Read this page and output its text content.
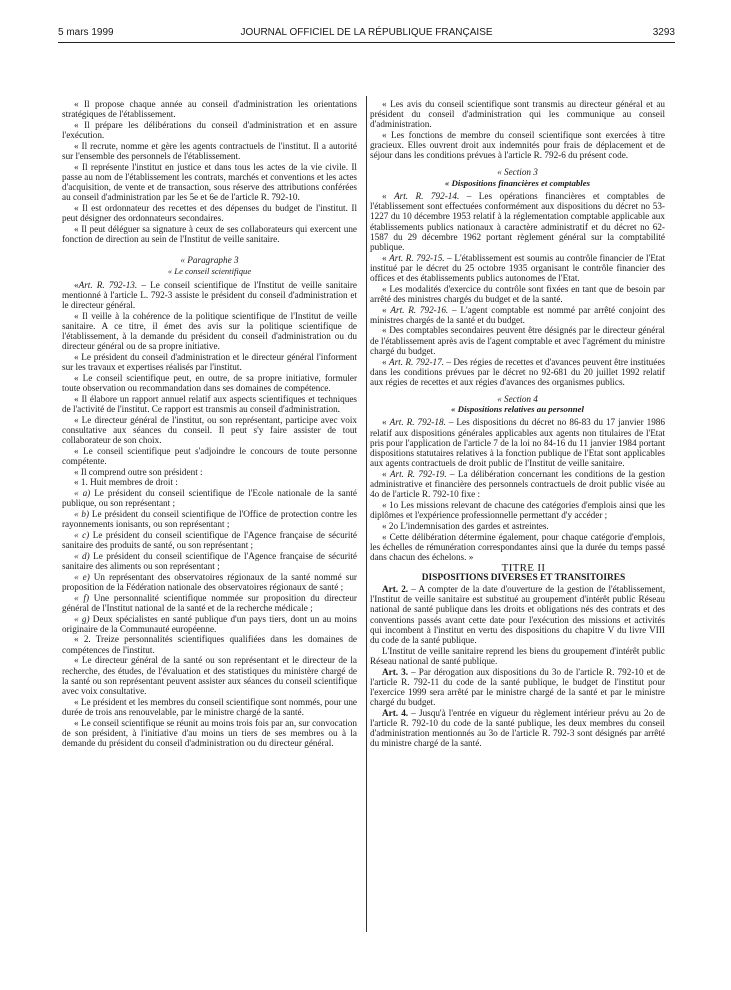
5 mars 1999	JOURNAL OFFICIEL DE LA RÉPUBLIQUE FRANÇAISE	3293

« Il propose chaque année au conseil d'administration les orientations stratégiques de l'établissement.

« Il prépare les délibérations du conseil d'administration et en assure l'exécution.

« Il recrute, nomme et gère les agents contractuels de l'institut. Il a autorité sur l'ensemble des personnels de l'établissement.

« Il représente l'institut en justice et dans tous les actes de la vie civile. Il passe au nom de l'établissement les contrats, marchés et conventions et les actes d'acquisition, de vente et de transaction, sous réserve des attributions conférées au conseil d'administration par les 5e et 6e de l'article R. 792-10.

« Il est ordonnateur des recettes et des dépenses du budget de l'institut. Il peut désigner des ordonnateurs secondaires.

« Il peut déléguer sa signature à ceux de ses collaborateurs qui exercent une fonction de direction au sein de l'Institut de veille sanitaire.

« Paragraphe 3

« Le conseil scientifique

«Art. R. 792-13. – Le conseil scientifique de l'Institut de veille sanitaire mentionné à l'article L. 792-3 assiste le président du conseil d'administration et le directeur général.

« Il veille à la cohérence de la politique scientifique de l'Institut de veille sanitaire. A ce titre, il émet des avis sur la politique scientifique de l'établissement, à la demande du président du conseil d'administration ou du directeur général ou de sa propre initiative.

« Le président du conseil d'administration et le directeur général l'informent sur les travaux et expertises réalisés par l'institut.

« Le conseil scientifique peut, en outre, de sa propre initiative, formuler toute observation ou recommandation dans ses domaines de compétence.

« Il élabore un rapport annuel relatif aux aspects scientifiques et techniques de l'activité de l'institut. Ce rapport est transmis au conseil d'administration.

« Le directeur général de l'institut, ou son représentant, participe avec voix consultative aux séances du conseil. Il peut s'y faire assister de tout collaborateur de son choix.

« Le conseil scientifique peut s'adjoindre le concours de toute personne compétente.

« Il comprend outre son président :

« 1. Huit membres de droit :

« a) Le président du conseil scientifique de l'Ecole nationale de la santé publique, ou son représentant ;

« b) Le président du conseil scientifique de l'Office de protection contre les rayonnements ionisants, ou son représentant ;

« c) Le président du conseil scientifique de l'Agence française de sécurité sanitaire des produits de santé, ou son représentant ;

« d) Le président du conseil scientifique de l'Agence française de sécurité sanitaire des aliments ou son représentant ;

« e) Un représentant des observatoires régionaux de la santé nommé sur proposition de la Fédération nationale des observatoires régionaux de santé ;

« f) Une personnalité scientifique nommée sur proposition du directeur général de l'Institut national de la santé et de la recherche médicale ;

« g) Deux spécialistes en santé publique d'un pays tiers, dont un au moins originaire de la Communauté européenne.

« 2. Treize personnalités scientifiques qualifiées dans les domaines de compétences de l'institut.

« Le directeur général de la santé ou son représentant et le directeur de la recherche, des études, de l'évaluation et des statistiques du ministère chargé de la santé ou son représentant peuvent assister aux séances du conseil scientifique avec voix consultative.

« Le président et les membres du conseil scientifique sont nommés, pour une durée de trois ans renouvelable, par le ministre chargé de la santé.

« Le conseil scientifique se réunit au moins trois fois par an, sur convocation de son président, à l'initiative d'au moins un tiers de ses membres ou à la demande du président du conseil d'administration ou du directeur général.

« Les avis du conseil scientifique sont transmis au directeur général et au président du conseil d'administration qui les communique au conseil d'administration.

« Les fonctions de membre du conseil scientifique sont exercées à titre gracieux. Elles ouvrent droit aux indemnités pour frais de déplacement et de séjour dans les conditions prévues à l'article R. 792-6 du présent code.

« Section 3

« Dispositions financières et comptables

« Art. R. 792-14. – Les opérations financières et comptables de l'établissement sont effectuées conformément aux dispositions du décret no 53-1227 du 10 décembre 1953 relatif à la réglementation comptable applicable aux établissements publics nationaux à caractère administratif et du décret no 62-1587 du 29 décembre 1962 portant règlement général sur la comptabilité publique.

« Art. R. 792-15. – L'établissement est soumis au contrôle financier de l'Etat institué par le décret du 25 octobre 1935 organisant le contrôle financier des offices et des établissements publics autonomes de l'Etat.

« Les modalités d'exercice du contrôle sont fixées en tant que de besoin par arrêté des ministres chargés du budget et de la santé.

« Art. R. 792-16. – L'agent comptable est nommé par arrêté conjoint des ministres chargés de la santé et du budget.

« Des comptables secondaires peuvent être désignés par le directeur général de l'établissement après avis de l'agent comptable et avec l'agrément du ministre chargé du budget.

« Art. R. 792-17. – Des régies de recettes et d'avances peuvent être instituées dans les conditions prévues par le décret no 92-681 du 20 juillet 1992 relatif aux régies de recettes et aux régies d'avances des organismes publics.

« Section 4

« Dispositions relatives au personnel

« Art. R. 792-18. – Les dispositions du décret no 86-83 du 17 janvier 1986 relatif aux dispositions générales applicables aux agents non titulaires de l'Etat pris pour l'application de l'article 7 de la loi no 84-16 du 11 janvier 1984 portant dispositions statutaires relatives à la fonction publique de l'Etat sont applicables aux agents contractuels de droit public de l'Institut de veille sanitaire.

« Art. R. 792-19. – La délibération concernant les conditions de la gestion administrative et financière des personnels contractuels de droit public visée au 4o de l'article R. 792-10 fixe :

« 1o Les missions relevant de chacune des catégories d'emplois ainsi que les diplômes et l'expérience professionnelle permettant d'y accéder ;

« 2o L'indemnisation des gardes et astreintes.

« Cette délibération détermine également, pour chaque catégorie d'emplois, les échelles de rémunération correspondantes ainsi que la durée du temps passé dans chacun des échelons. »

TITRE II

DISPOSITIONS DIVERSES ET TRANSITOIRES

Art. 2. – A compter de la date d'ouverture de la gestion de l'établissement, l'Institut de veille sanitaire est substitué au groupement d'intérêt public Réseau national de santé publique dans les droits et obligations nés des contrats et des conventions passés avant cette date pour l'exécution des missions et activités qui incombent à l'institut en vertu des dispositions du chapitre V du livre VIII du code de la santé publique.

L'Institut de veille sanitaire reprend les biens du groupement d'intérêt public Réseau national de santé publique.

Art. 3. – Par dérogation aux dispositions du 3o de l'article R. 792-10 et de l'article R. 792-11 du code de la santé publique, le budget de l'institut pour l'exercice 1999 sera arrêté par le ministre chargé de la santé et par le ministre chargé du budget.

Art. 4. – Jusqu'à l'entrée en vigueur du règlement intérieur prévu au 2o de l'article R. 792-10 du code de la santé publique, les deux membres du conseil d'administration mentionnés au 3o de l'article R. 792-3 sont désignés par arrêté du ministre chargé de la santé.
